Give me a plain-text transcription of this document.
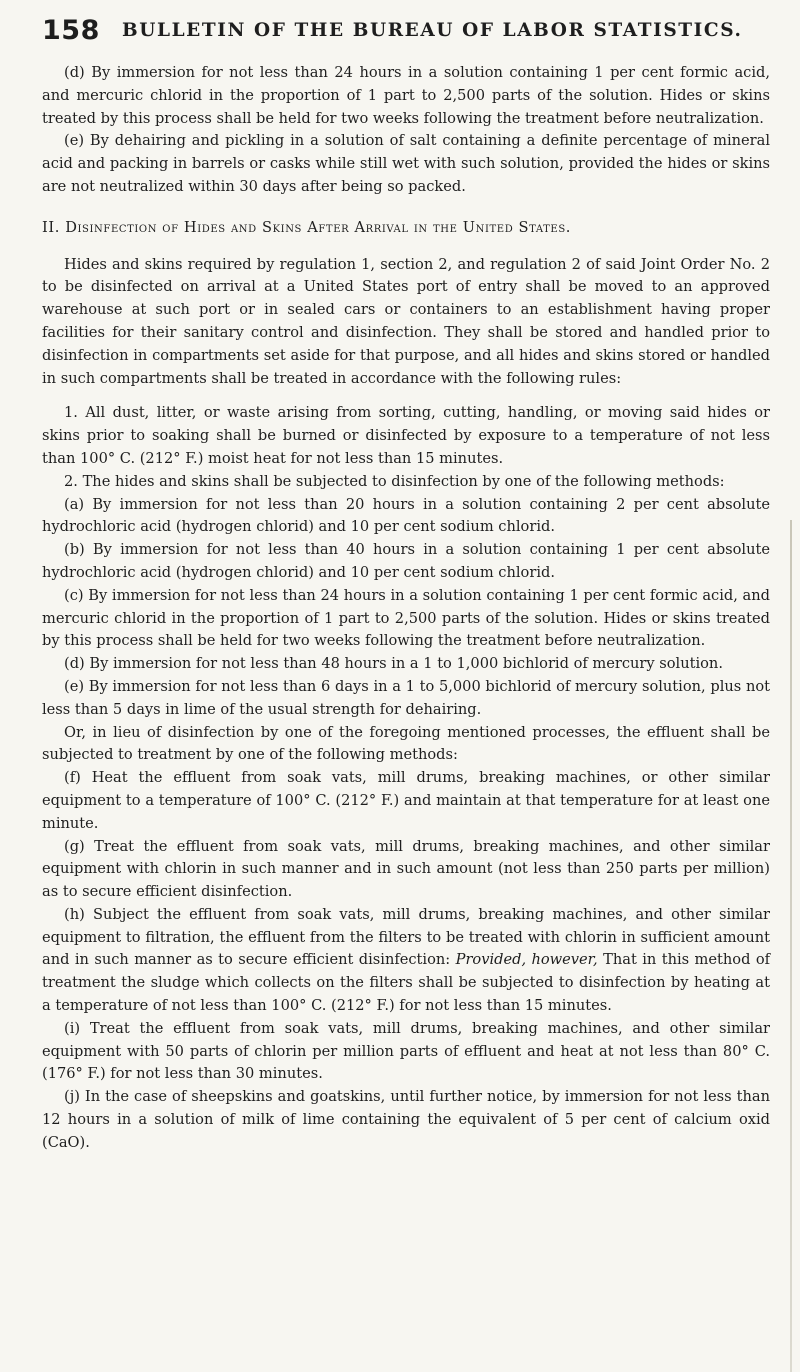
158	BULLETIN OF THE BUREAU OF LABOR STATISTICS.

(d) By immersion for not less than 24 hours in a solution containing 1 per cent formic acid, and mercuric chlorid in the proportion of 1 part to 2,500 parts of the solution. Hides or skins treated by this process shall be held for two weeks following the treatment before neutralization.

(e) By dehairing and pickling in a solution of salt containing a definite percentage of mineral acid and packing in barrels or casks while still wet with such solution, provided the hides or skins are not neutralized within 30 days after being so packed.

II. Disinfection of Hides and Skins After Arrival in the United States.

Hides and skins required by regulation 1, section 2, and regulation 2 of said Joint Order No. 2 to be disinfected on arrival at a United States port of entry shall be moved to an approved warehouse at such port or in sealed cars or containers to an establishment having proper facilities for their sanitary control and disinfection. They shall be stored and handled prior to disinfection in compartments set aside for that purpose, and all hides and skins stored or handled in such compartments shall be treated in accordance with the following rules:

1. All dust, litter, or waste arising from sorting, cutting, handling, or moving said hides or skins prior to soaking shall be burned or disinfected by exposure to a temperature of not less than 100° C. (212° F.) moist heat for not less than 15 minutes.

2. The hides and skins shall be subjected to disinfection by one of the following methods:

(a) By immersion for not less than 20 hours in a solution containing 2 per cent absolute hydrochloric acid (hydrogen chlorid) and 10 per cent sodium chlorid.

(b) By immersion for not less than 40 hours in a solution containing 1 per cent absolute hydrochloric acid (hydrogen chlorid) and 10 per cent sodium chlorid.

(c) By immersion for not less than 24 hours in a solution containing 1 per cent formic acid, and mercuric chlorid in the proportion of 1 part to 2,500 parts of the solution. Hides or skins treated by this process shall be held for two weeks following the treatment before neutralization.

(d) By immersion for not less than 48 hours in a 1 to 1,000 bichlorid of mercury solution.

(e) By immersion for not less than 6 days in a 1 to 5,000 bichlorid of mercury solution, plus not less than 5 days in lime of the usual strength for dehairing.

Or, in lieu of disinfection by one of the foregoing mentioned processes, the effluent shall be subjected to treatment by one of the following methods:

(f) Heat the effluent from soak vats, mill drums, breaking machines, or other similar equipment to a temperature of 100° C. (212° F.) and maintain at that temperature for at least one minute.

(g) Treat the effluent from soak vats, mill drums, breaking machines, and other similar equipment with chlorin in such manner and in such amount (not less than 250 parts per million) as to secure efficient disinfection.

(h) Subject the effluent from soak vats, mill drums, breaking machines, and other similar equipment to filtration, the effluent from the filters to be treated with chlorin in sufficient amount and in such manner as to secure efficient disinfection: Provided, however, That in this method of treatment the sludge which collects on the filters shall be subjected to disinfection by heating at a temperature of not less than 100° C. (212° F.) for not less than 15 minutes.

(i) Treat the effluent from soak vats, mill drums, breaking machines, and other similar equipment with 50 parts of chlorin per million parts of effluent and heat at not less than 80° C. (176° F.) for not less than 30 minutes.

(j) In the case of sheepskins and goatskins, until further notice, by immersion for not less than 12 hours in a solution of milk of lime containing the equivalent of 5 per cent of calcium oxid (CaO).
